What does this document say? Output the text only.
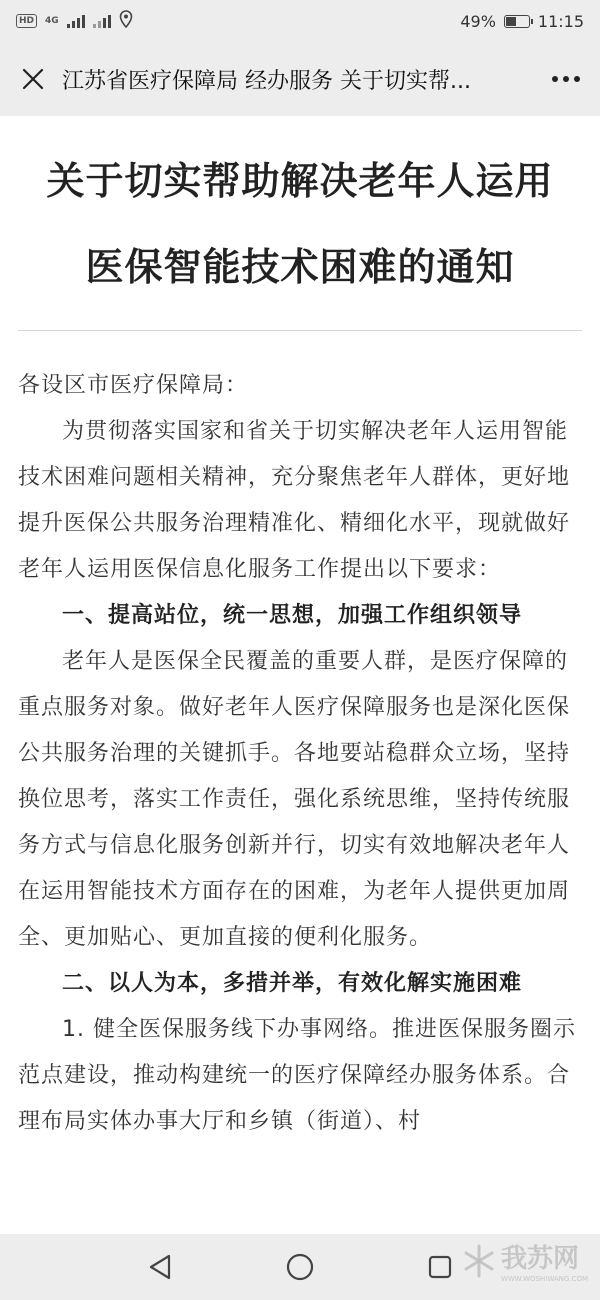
HD	4G	49%	11:15
江苏省医疗保障局 经办服务 关于切实帮...
关于切实帮助解决老年人运用
医保智能技术困难的通知

各设区市医疗保障局：

为贯彻落实国家和省关于切实解决老年人运用智能技术困难问题相关精神，充分聚焦老年人群体，更好地提升医保公共服务治理精准化、精细化水平，现就做好老年人运用医保信息化服务工作提出以下要求：

一、提高站位，统一思想，加强工作组织领导

老年人是医保全民覆盖的重要人群，是医疗保障的重点服务对象。做好老年人医疗保障服务也是深化医保公共服务治理的关键抓手。各地要站稳群众立场，坚持换位思考，落实工作责任，强化系统思维，坚持传统服务方式与信息化服务创新并行，切实有效地解决老年人在运用智能技术方面存在的困难，为老年人提供更加周全、更加贴心、更加直接的便利化服务。

二、以人为本，多措并举，有效化解实施困难

1. 健全医保服务线下办事网络。推进医保服务圈示范点建设，推动构建统一的医疗保障经办服务体系。合理布局实体办事大厅和乡镇（街道）、村

我苏网
WWW.WOSHIWANG.COM
